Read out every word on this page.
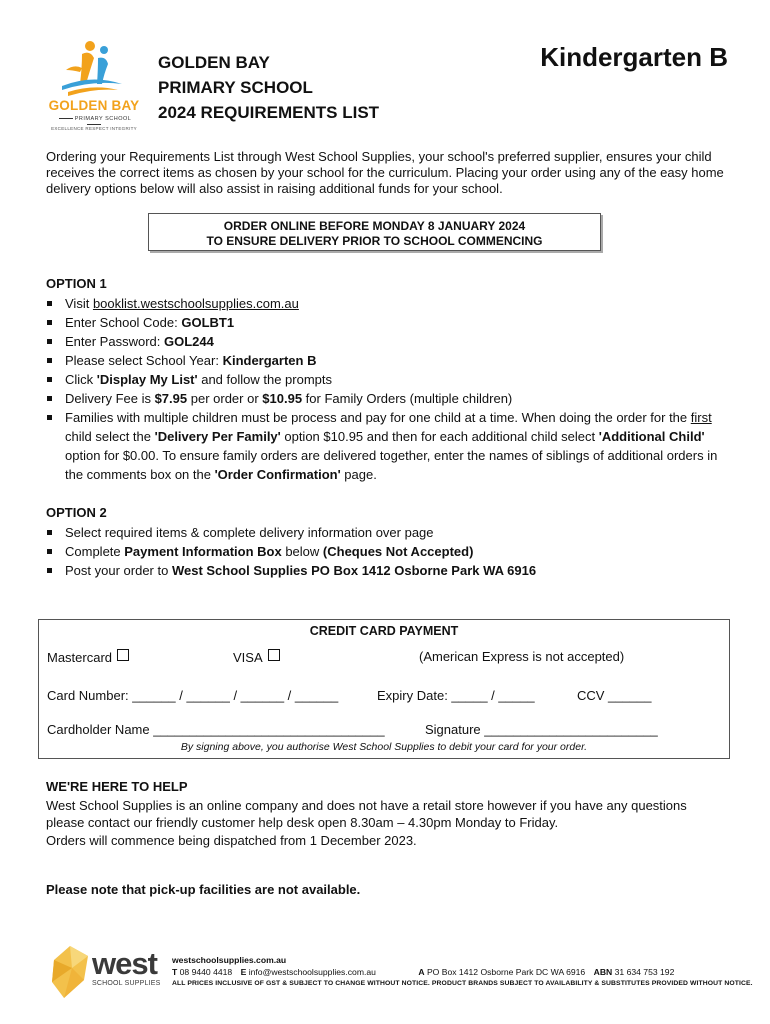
GOLDEN BAY
PRIMARY SCHOOL
EXCELLENCE RESPECT INTEGRITY
GOLDEN BAY
PRIMARY SCHOOL
2024 REQUIREMENTS LIST
Kindergarten B

Ordering your Requirements List through West School Supplies, your school's preferred supplier, ensures your child receives the correct items as chosen by your school for the curriculum. Placing your order using any of the easy home delivery options below will also assist in raising additional funds for your school.

ORDER ONLINE BEFORE MONDAY 8 JANUARY 2024
TO ENSURE DELIVERY PRIOR TO SCHOOL COMMENCING
OPTION 1
Visit booklist.westschoolsupplies.com.au
Enter School Code: GOLBT1
Enter Password: GOL244
Please select School Year: Kindergarten B
Click 'Display My List' and follow the prompts
Delivery Fee is $7.95 per order or $10.95 for Family Orders (multiple children)
Families with multiple children must be process and pay for one child at a time. When doing the order for the first child select the 'Delivery Per Family' option $10.95 and then for each additional child select 'Additional Child' option for $0.00. To ensure family orders are delivered together, enter the names of siblings of additional orders in the comments box on the 'Order Confirmation' page.
OPTION 2
Select required items & complete delivery information over page
Complete Payment Information Box below (Cheques Not Accepted)
Post your order to West School Supplies PO Box 1412 Osborne Park WA 6916
CREDIT CARD PAYMENT
Mastercard	VISA	(American Express is not accepted)
Card Number: ______ / ______ / ______ / ______	Expiry Date: _____ / _____	CCV ______
Cardholder Name ________________________________	Signature ________________________
By signing above, you authorise West School Supplies to debit your card for your order.
WE'RE HERE TO HELP

West School Supplies is an online company and does not have a retail store however if you have any questions please contact our friendly customer help desk open 8.30am – 4.30pm Monday to Friday.

Orders will commence being dispatched from 1 December 2023.

Please note that pick-up facilities are not available.
west
SCHOOL SUPPLIES
westschoolsupplies.com.au
T 08 9440 4418 E info@westschoolsupplies.com.au	A PO Box 1412 Osborne Park DC WA 6916 ABN 31 634 753 192
ALL PRICES INCLUSIVE OF GST & SUBJECT TO CHANGE WITHOUT NOTICE. PRODUCT BRANDS SUBJECT TO AVAILABILITY & SUBSTITUTES PROVIDED WITHOUT NOTICE.
